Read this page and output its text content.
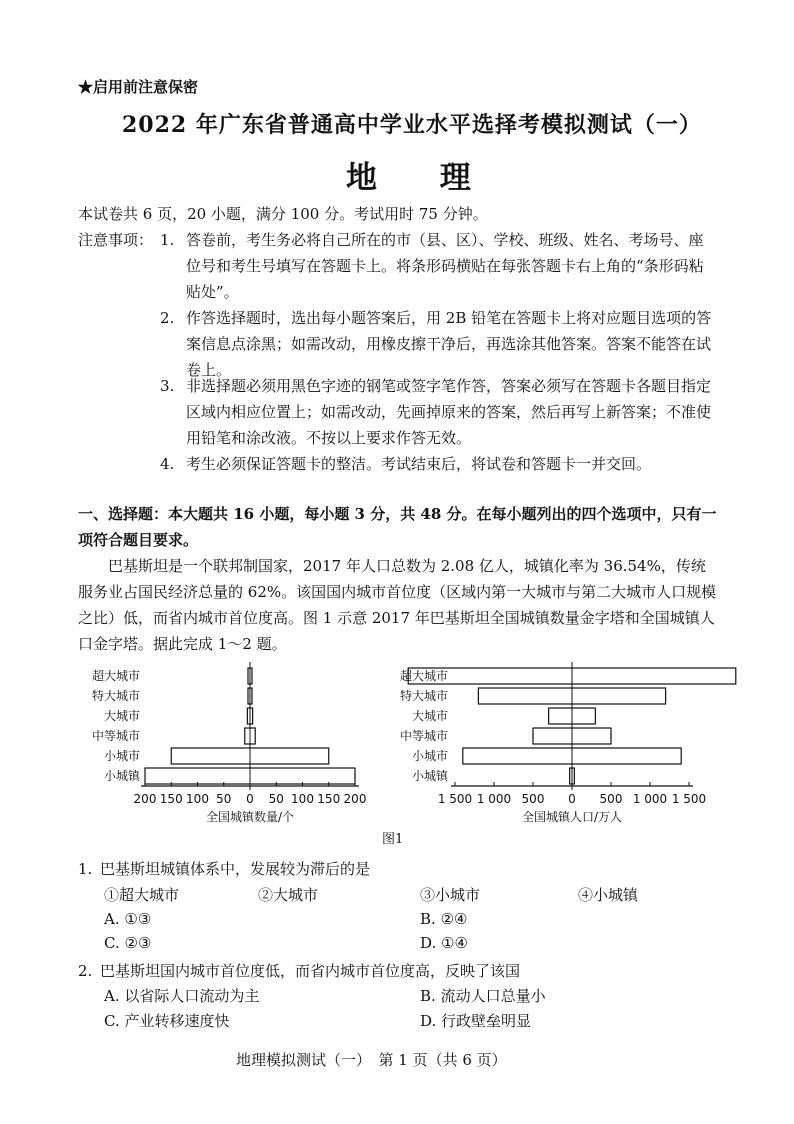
★启用前注意保密
2022 年广东省普通高中学业水平选择考模拟测试（一）
地 理
本试卷共 6 页，20 小题，满分 100 分。考试用时 75 分钟。
注意事项： 1. 答卷前，考生务必将自己所在的市（县、区）、学校、班级、姓名、考场号、座位号和考生号填写在答题卡上。将条形码横贴在每张答题卡右上角的“条形码粘贴处”。
2. 作答选择题时，选出每小题答案后，用 2B 铅笔在答题卡上将对应题目选项的答案信息点涂黑；如需改动，用橡皮擦干净后，再选涂其他答案。答案不能答在试卷上。
3. 非选择题必须用黑色字迹的钢笔或签字笔作答，答案必须写在答题卡各题目指定区域内相应位置上；如需改动，先画掉原来的答案，然后再写上新答案；不准使用铅笔和涂改液。不按以上要求作答无效。
4. 考生必须保证答题卡的整洁。考试结束后，将试卷和答题卡一并交回。
一、选择题：本大题共 16 小题，每小题 3 分，共 48 分。在每小题列出的四个选项中，只有一项符合题目要求。
巴基斯坦是一个联邦制国家，2017 年人口总数为 2.08 亿人，城镇化率为 36.54%，传统服务业占国民经济总量的 62%。该国国内城市首位度（区域内第一大城市与第二大城市人口规模之比）低，而省内城市首位度高。图 1 示意 2017 年巴基斯坦全国城镇数量金字塔和全国城镇人口金字塔。据此完成 1～2 题。
超大城市
特大城市
大城市
中等城市
小城市
小城镇
200 150 100 50 0 50 100 150 200
全国城镇数量/个
超大城市
特大城市
大城市
中等城市
小城市
小城镇
1 500 1 000 500 0 500 1 000 1 500
全国城镇人口/万人
图1
1. 巴基斯坦城镇体系中，发展较为滞后的是
①超大城市	②大城市	③小城市	④小城镇
A. ①③	B. ②④
C. ②③	D. ①④
2. 巴基斯坦国内城市首位度低，而省内城市首位度高，反映了该国
A. 以省际人口流动为主	B. 流动人口总量小
C. 产业转移速度快	D. 行政壁垒明显
地理模拟测试（一）　第 1 页（共 6 页）
